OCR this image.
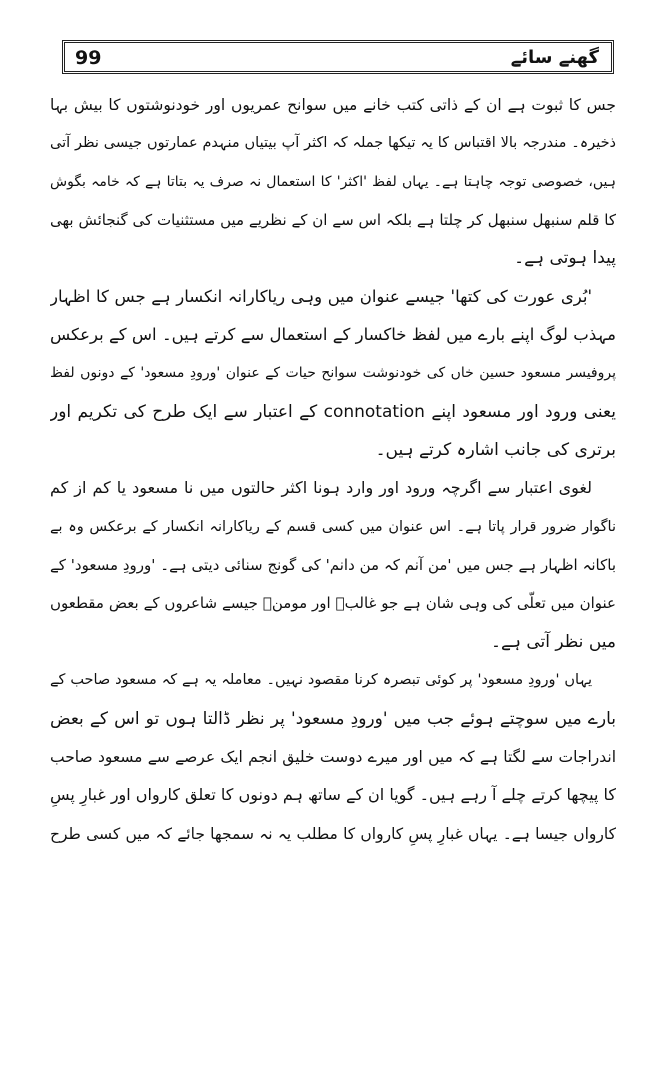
99	گھنے سائے
جس کا ثبوت ہے ان کے ذاتی کتب خانے میں سوانح عمریوں اور خودنوشتوں کا بیش بہا
ذخیرہ۔ مندرجہ بالا اقتباس کا یہ تیکھا جملہ کہ اکثر آپ بیتیاں منہدم عمارتوں جیسی نظر آتی
ہیں، خصوصی توجہ چاہتا ہے۔ یہاں لفظ 'اکثر' کا استعمال نہ صرف یہ بتاتا ہے کہ خامہ بگوش
کا قلم سنبھل سنبھل کر چلتا ہے بلکہ اس سے ان کے نظریے میں مستثنیات کی گنجائش بھی
پیدا ہوتی ہے۔
'بُری عورت کی کتھا' جیسے عنوان میں وہی ریاکارانہ انکسار ہے جس کا اظہار
مہذب لوگ اپنے بارے میں لفظ خاکسار کے استعمال سے کرتے ہیں۔ اس کے برعکس
پروفیسر مسعود حسین خاں کی خودنوشت سوانح حیات کے عنوان 'ورودِ مسعود' کے دونوں لفظ
یعنی ورود اور مسعود اپنے connotation کے اعتبار سے ایک طرح کی تکریم اور
برتری کی جانب اشارہ کرتے ہیں۔
لغوی اعتبار سے اگرچہ ورود اور وارد ہونا اکثر حالتوں میں نا مسعود یا کم از کم
ناگوار ضرور قرار پاتا ہے۔ اس عنوان میں کسی قسم کے ریاکارانہ انکسار کے برعکس وہ بے
باکانہ اظہار ہے جس میں 'من آنم کہ من دانم' کی گونج سنائی دیتی ہے۔ 'ورودِ مسعود' کے
عنوان میں تعلّی کی وہی شان ہے جو غالبؔ اور مومنؔ جیسے شاعروں کے بعض مقطعوں
میں نظر آتی ہے۔
یہاں 'ورودِ مسعود' پر کوئی تبصرہ کرنا مقصود نہیں۔ معاملہ یہ ہے کہ مسعود صاحب کے
بارے میں سوچتے ہوئے جب میں 'ورودِ مسعود' پر نظر ڈالتا ہوں تو اس کے بعض
اندراجات سے لگتا ہے کہ میں اور میرے دوست خلیق انجم ایک عرصے سے مسعود صاحب
کا پیچھا کرتے چلے آ رہے ہیں۔ گویا ان کے ساتھ ہم دونوں کا تعلق کارواں اور غبارِ پسِ
کارواں جیسا ہے۔ یہاں غبارِ پسِ کارواں کا مطلب یہ نہ سمجھا جائے کہ میں کسی طرح
